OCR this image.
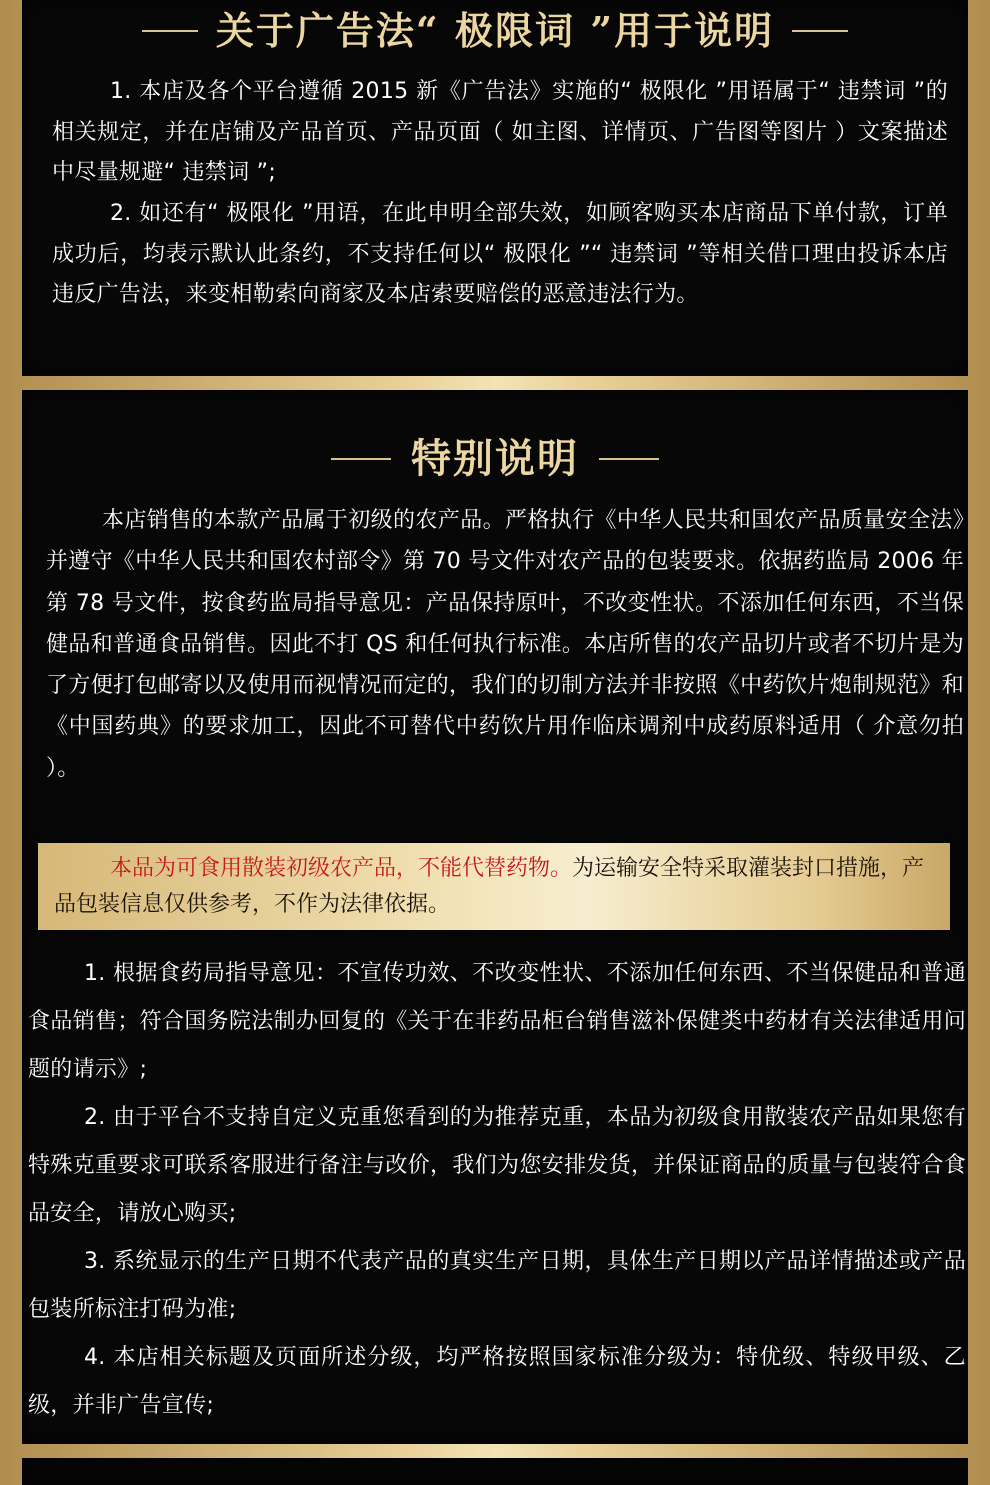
关于广告法“ 极限词 ”用于说明

1. 本店及各个平台遵循 2015 新《广告法》实施的“ 极限化 ”用语属于“ 违禁词 ”的相关规定，并在店铺及产品首页、产品页面（ 如主图、详情页、广告图等图片 ）文案描述中尽量规避“ 违禁词 ”;

2. 如还有“ 极限化 ”用语，在此申明全部失效，如顾客购买本店商品下单付款，订单成功后，均表示默认此条约，不支持任何以“ 极限化 ”“ 违禁词 ”等相关借口理由投诉本店违反广告法，来变相勒索向商家及本店索要赔偿的恶意违法行为。

特别说明

本店销售的本款产品属于初级的农产品。严格执行《中华人民共和国农产品质量安全法》并遵守《中华人民共和国农村部令》第 70 号文件对农产品的包装要求。依据药监局 2006 年第 78 号文件，按食药监局指导意见：产品保持原叶，不改变性状。不添加任何东西，不当保健品和普通食品销售。因此不打 QS 和任何执行标准。本店所售的农产品切片或者不切片是为了方便打包邮寄以及使用而视情况而定的，我们的切制方法并非按照《中药饮片炮制规范》和《中国药典》的要求加工，因此不可替代中药饮片用作临床调剂中成药原料适用（ 介意勿拍 ）。

本品为可食用散装初级农产品，不能代替药物。为运输安全特采取灌装封口措施，产品包装信息仅供参考，不作为法律依据。

1. 根据食药局指导意见：不宣传功效、不改变性状、不添加任何东西、不当保健品和普通食品销售；符合国务院法制办回复的《关于在非药品柜台销售滋补保健类中药材有关法律适用问题的请示》;

2. 由于平台不支持自定义克重您看到的为推荐克重，本品为初级食用散装农产品如果您有特殊克重要求可联系客服进行备注与改价，我们为您安排发货，并保证商品的质量与包装符合食品安全，请放心购买;

3. 系统显示的生产日期不代表产品的真实生产日期，具体生产日期以产品详情描述或产品包装所标注打码为准;

4. 本店相关标题及页面所述分级，均严格按照国家标准分级为：特优级、特级甲级、乙级，并非广告宣传;
